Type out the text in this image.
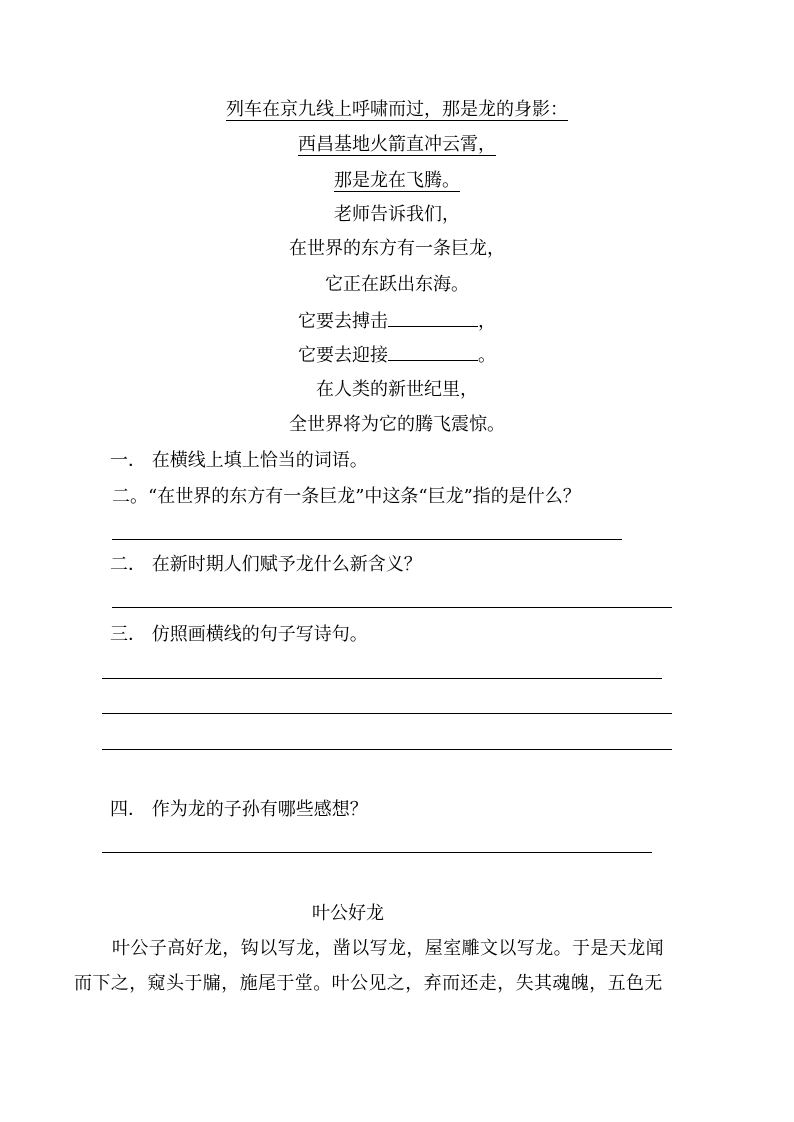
列车在京九线上呼啸而过，那是龙的身影：
西昌基地火箭直冲云霄，
那是龙在飞腾。
老师告诉我们，
在世界的东方有一条巨龙，
它正在跃出东海。
它要去搏击	，
它要去迎接	。
在人类的新世纪里，
全世界将为它的腾飞震惊。
一． 在横线上填上恰当的词语。
二。“在世界的东方有一条巨龙”中这条“巨龙”指的是什么？
二． 在新时期人们赋予龙什么新含义？
三． 仿照画横线的句子写诗句。
四． 作为龙的子孙有哪些感想？
叶公好龙
叶公子高好龙，钩以写龙，凿以写龙，屋室雕文以写龙。于是天龙闻
而下之，窥头于牖，施尾于堂。叶公见之，弃而还走，失其魂魄，五色无
